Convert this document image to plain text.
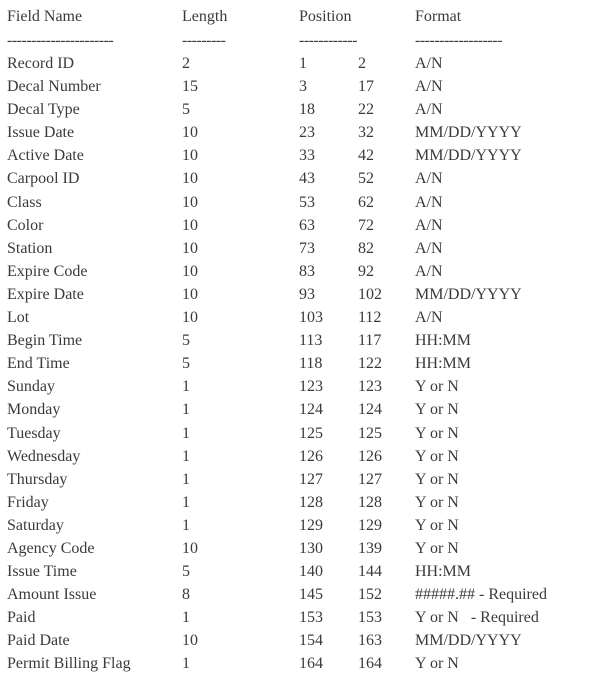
Field Name	Length	Position	Format
----------------------	---------	------------	------------------
Record ID	2	1	2	A/N
Decal Number	15	3	17	A/N
Decal Type	5	18	22	A/N
Issue Date	10	23	32	MM/DD/YYYY
Active Date	10	33	42	MM/DD/YYYY
Carpool ID	10	43	52	A/N
Class	10	53	62	A/N
Color	10	63	72	A/N
Station	10	73	82	A/N
Expire Code	10	83	92	A/N
Expire Date	10	93	102 MM/DD/YYYY
Lot	10	103 112 A/N
Begin Time	5	113 117 HH:MM
End Time	5	118 122 HH:MM
Sunday	1	123 123 Y or N
Monday	1	124 124 Y or N
Tuesday	1	125 125 Y or N
Wednesday	1	126 126 Y or N
Thursday	1	127 127 Y or N
Friday	1	128 128 Y or N
Saturday	1	129 129 Y or N
Agency Code	10	130 139 Y or N
Issue Time	5	140 144 HH:MM
Amount Issue	8	145 152 #####.## - Required
Paid	1	153 153 Y or N   - Required
Paid Date	10	154 163 MM/DD/YYYY
Permit Billing Flag	1	164 164 Y or N
